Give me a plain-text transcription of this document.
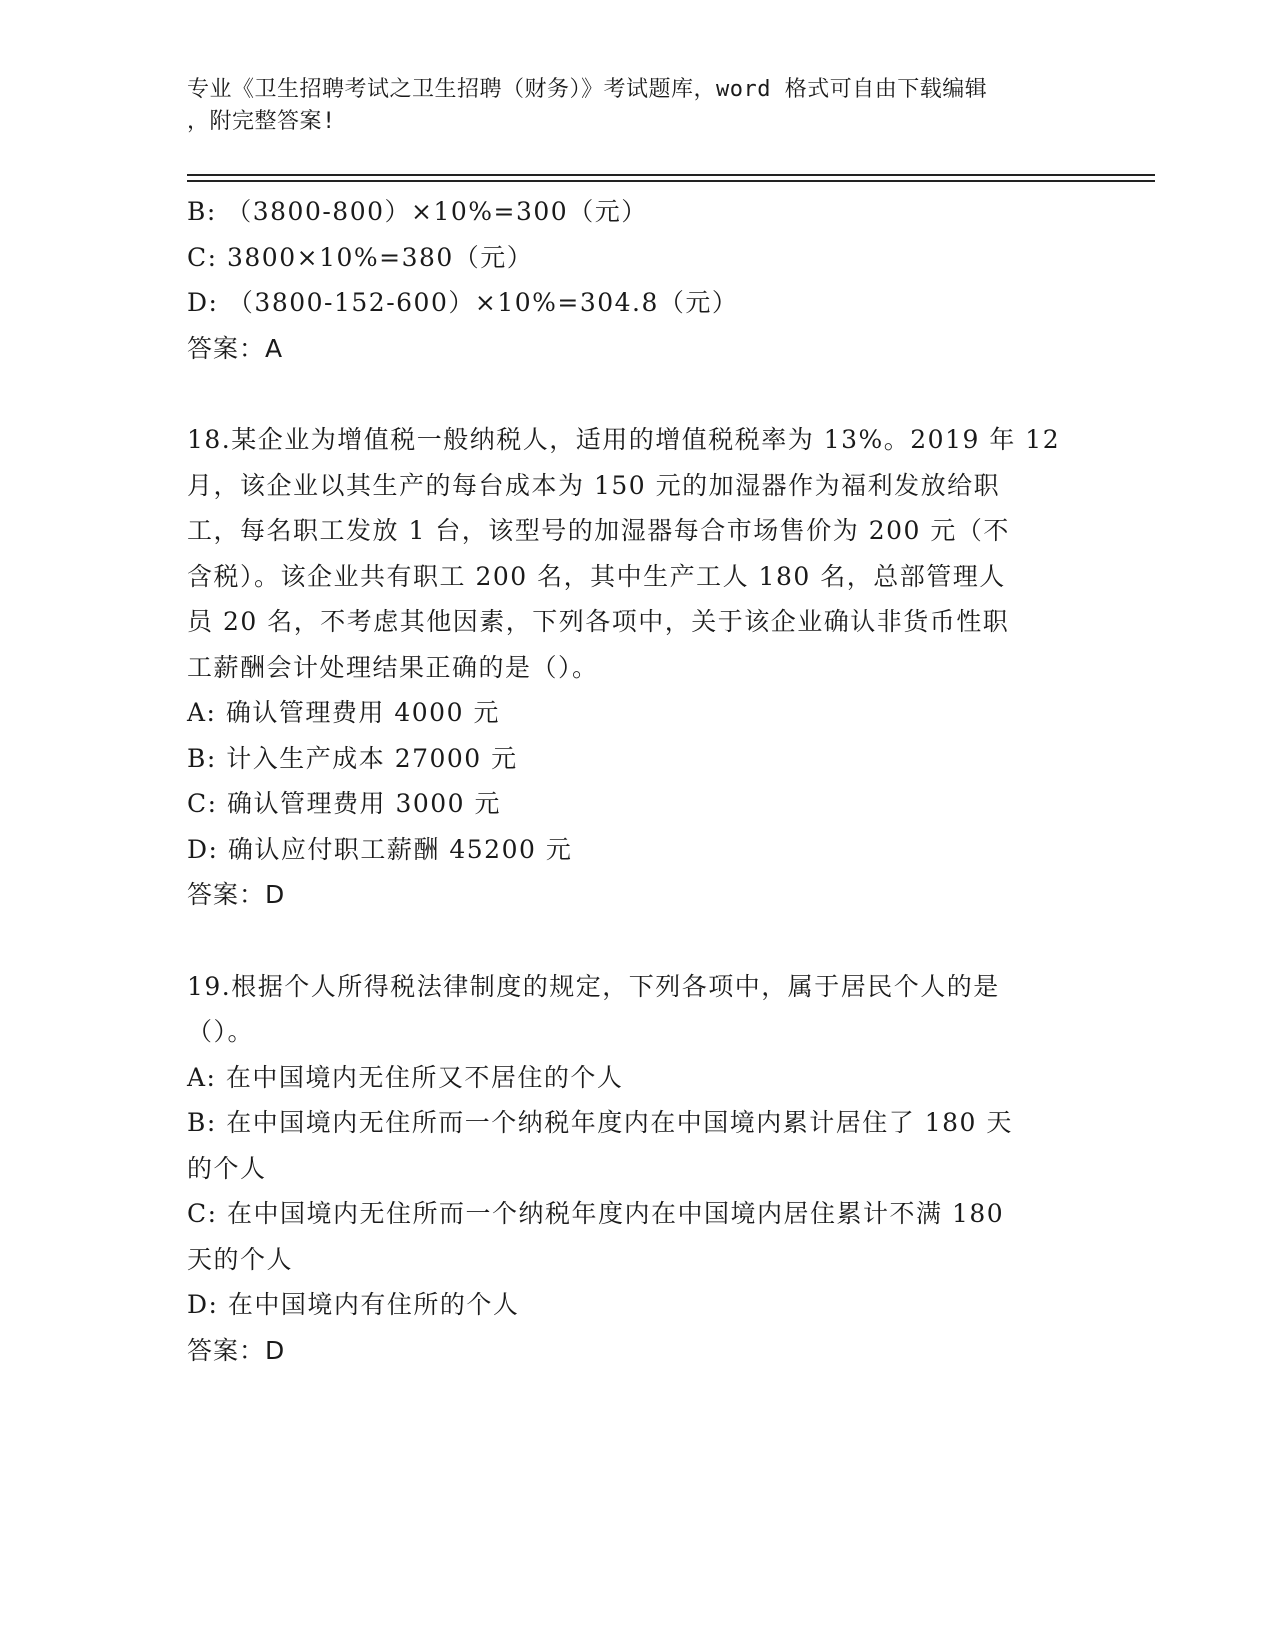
专业《卫生招聘考试之卫生招聘（财务）》考试题库，word 格式可自由下载编辑
，附完整答案!
B: （3800-800）×10%=300（元）
C: 3800×10%=380（元）
D: （3800-152-600）×10%=304.8（元）
答案：A
18.某企业为增值税一般纳税人，适用的增值税税率为 13%。2019 年 12
月，该企业以其生产的每台成本为 150 元的加湿器作为福利发放给职
工，每名职工发放 1 台，该型号的加湿器每合市场售价为 200 元（不
含税）。该企业共有职工 200 名，其中生产工人 180 名，总部管理人
员 20 名，不考虑其他因素，下列各项中，关于该企业确认非货币性职
工薪酬会计处理结果正确的是（）。
A: 确认管理费用 4000 元
B: 计入生产成本 27000 元
C: 确认管理费用 3000 元
D: 确认应付职工薪酬 45200 元
答案：D
19.根据个人所得税法律制度的规定，下列各项中，属于居民个人的是
（）。
A: 在中国境内无住所又不居住的个人
B: 在中国境内无住所而一个纳税年度内在中国境内累计居住了 180 天
的个人
C: 在中国境内无住所而一个纳税年度内在中国境内居住累计不满 180
天的个人
D: 在中国境内有住所的个人
答案：D
